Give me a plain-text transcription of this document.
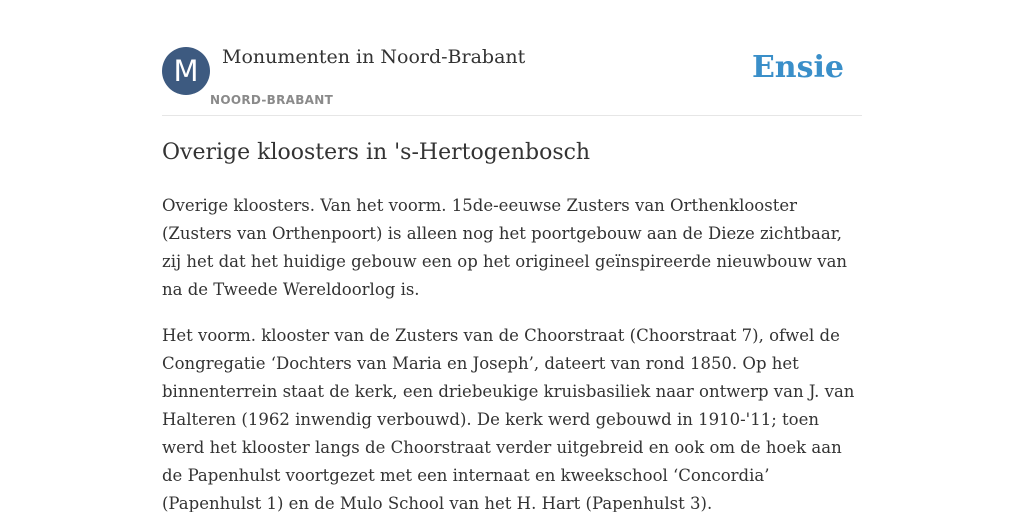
M	Monumenten in Noord-Brabant
NOORD-BRABANT
Ensie
Overige kloosters in 's-Hertogenbosch

Overige kloosters. Van het voorm. 15de-eeuwse Zusters van Orthenklooster (Zusters van Orthenpoort) is alleen nog het poortgebouw aan de Dieze zichtbaar, zij het dat het huidige gebouw een op het origineel geïnspireerde nieuwbouw van na de Tweede Wereldoorlog is.

Het voorm. klooster van de Zusters van de Choorstraat (Choorstraat 7), ofwel de Congregatie ‘Dochters van Maria en Joseph’, dateert van rond 1850. Op het binnenterrein staat de kerk, een driebeukige kruisbasiliek naar ontwerp van J. van Halteren (1962 inwendig verbouwd). De kerk werd gebouwd in 1910-'11; toen werd het klooster langs de Choorstraat verder uitgebreid en ook om de hoek aan de Papenhulst voortgezet met een internaat en kweekschool ‘Concordia’ (Papenhulst 1) en de Mulo School van het H. Hart (Papenhulst 3).
